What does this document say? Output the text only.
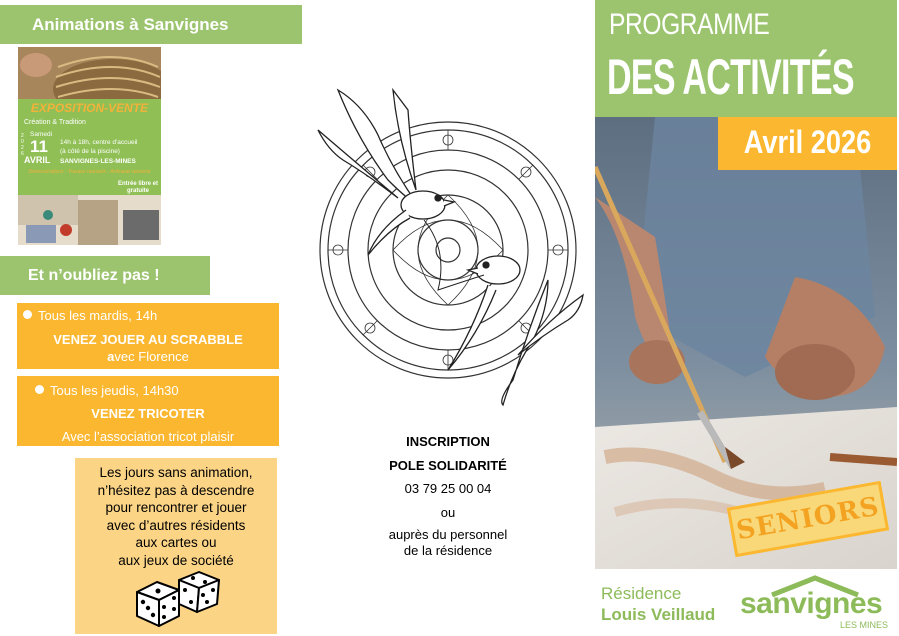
Animations à Sanvignes
EXPOSITION-VENTE
Création & Tradition
Samedi
2026 11
AVRIL
14h à 18h, centre d'accueil
(à côté de la piscine)
SANVIGNES-LES-MINES
Démonstrations - Travaux manuels - Artisanat vannerie
Entrée libre et gratuite
Et n’oubliez pas !
Tous les mardis, 14h
VENEZ JOUER AU SCRABBLE
avec Florence
Tous les jeudis, 14h30
VENEZ TRICOTER
Avec l’association tricot plaisir
Les jours sans animation,
n’hésitez pas à descendre
pour rencontrer et jouer
avec d’autres résidents
aux cartes ou
aux jeux de société
INSCRIPTION
POLE SOLIDARITÉ
03 79 25 00 04
ou
auprès du personnel
de la résidence
PROGRAMME
DES ACTIVITÉS
Avril 2026
SENIORS
Résidence
Louis Veillaud sanvignes
LES MINES
